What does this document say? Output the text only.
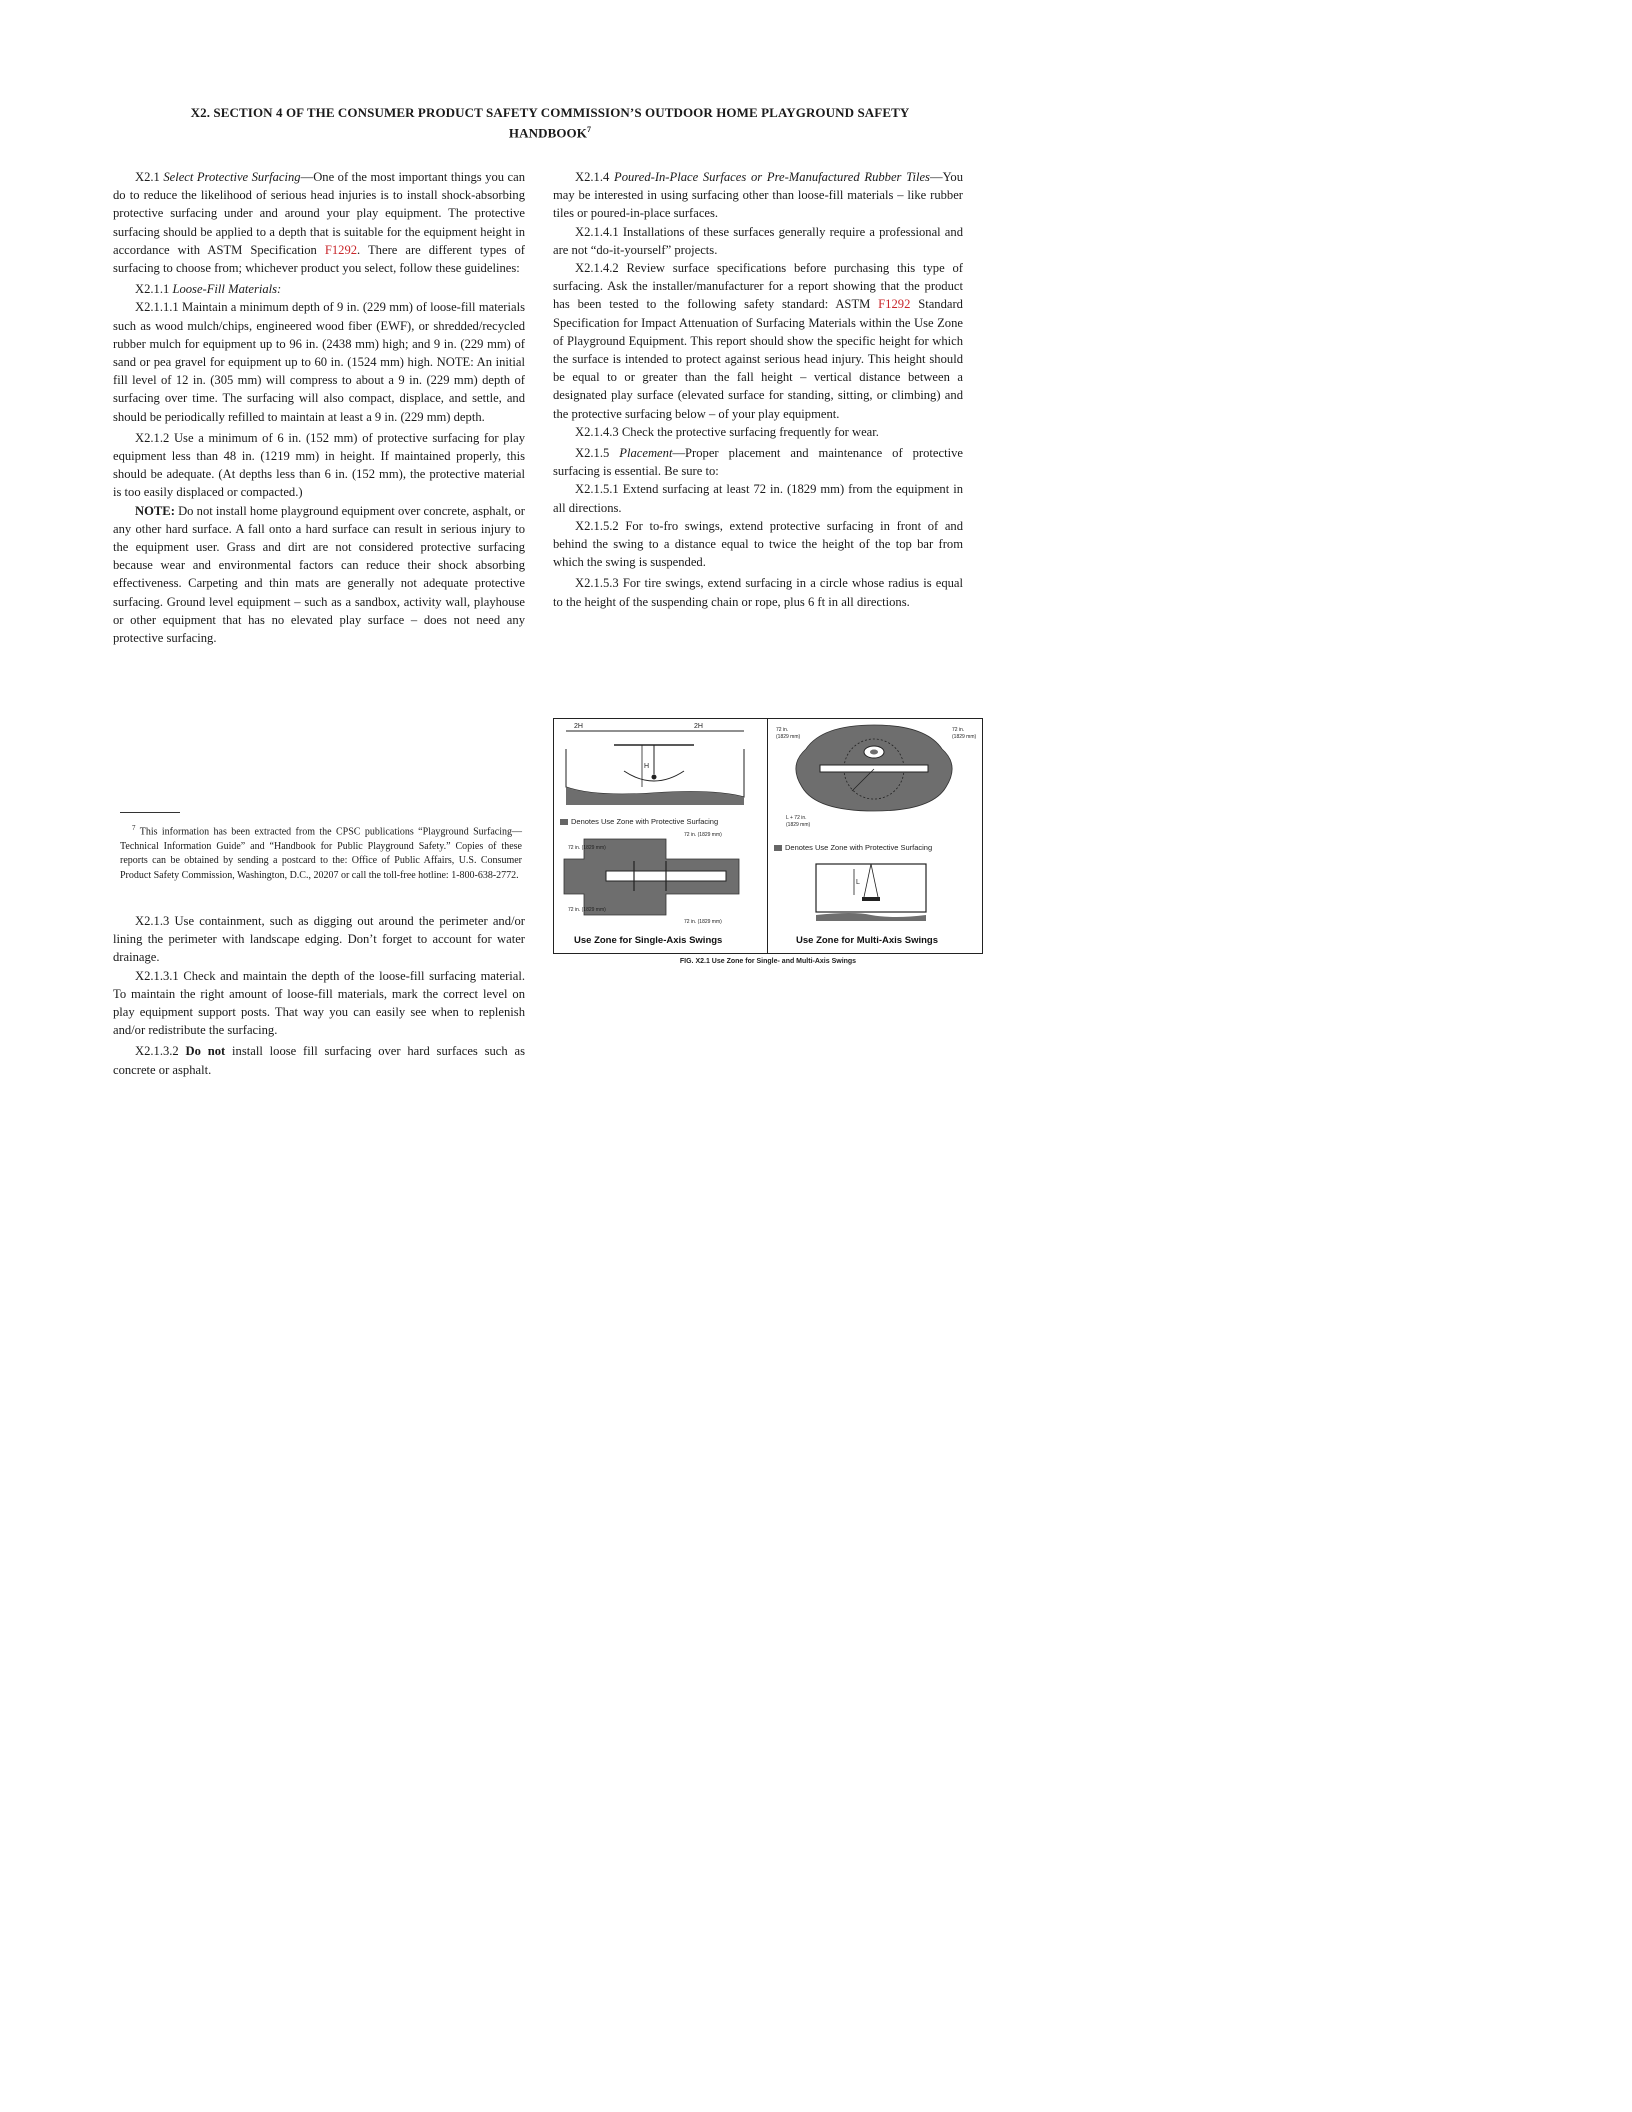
X2. SECTION 4 OF THE CONSUMER PRODUCT SAFETY COMMISSION’S OUTDOOR HOME PLAYGROUND SAFETY
HANDBOOK$^7$

X2.1 Select Protective Surfacing—One of the most important things you can do to reduce the likelihood of serious head injuries is to install shock-absorbing protective surfacing under and around your play equipment. The protective surfacing should be applied to a depth that is suitable for the equipment height in accordance with ASTM Specification F1292. There are different types of surfacing to choose from; whichever product you select, follow these guidelines:

X2.1.1 Loose-Fill Materials:

X2.1.1.1 Maintain a minimum depth of 9 in. (229 mm) of loose-fill materials such as wood mulch/chips, engineered wood fiber (EWF), or shredded/recycled rubber mulch for equipment up to 96 in. (2438 mm) high; and 9 in. (229 mm) of sand or pea gravel for equipment up to 60 in. (1524 mm) high. NOTE: An initial fill level of 12 in. (305 mm) will compress to about a 9 in. (229 mm) depth of surfacing over time. The surfacing will also compact, displace, and settle, and should be periodically refilled to maintain at least a 9 in. (229 mm) depth.

X2.1.2 Use a minimum of 6 in. (152 mm) of protective surfacing for play equipment less than 48 in. (1219 mm) in height. If maintained properly, this should be adequate. (At depths less than 6 in. (152 mm), the protective material is too easily displaced or compacted.)

NOTE: Do not install home playground equipment over concrete, asphalt, or any other hard surface. A fall onto a hard surface can result in serious injury to the equipment user. Grass and dirt are not considered protective surfacing because wear and environmental factors can reduce their shock absorbing effectiveness. Carpeting and thin mats are generally not adequate protective surfacing. Ground level equipment – such as a sandbox, activity wall, playhouse or other equipment that has no elevated play surface – does not need any protective surfacing.

$^7$ This information has been extracted from the CPSC publications “Playground Surfacing—Technical Information Guide” and “Handbook for Public Playground Safety.” Copies of these reports can be obtained by sending a postcard to the: Office of Public Affairs, U.S. Consumer Product Safety Commission, Washington, D.C., 20207 or call the toll-free hotline: 1-800-638-2772.

X2.1.3 Use containment, such as digging out around the perimeter and/or lining the perimeter with landscape edging. Don’t forget to account for water drainage.

X2.1.3.1 Check and maintain the depth of the loose-fill surfacing material. To maintain the right amount of loose-fill materials, mark the correct level on play equipment support posts. That way you can easily see when to replenish and/or redistribute the surfacing.

X2.1.3.2 Do not install loose fill surfacing over hard surfaces such as concrete or asphalt.

X2.1.4 Poured-In-Place Surfaces or Pre-Manufactured Rubber Tiles—You may be interested in using surfacing other than loose-fill materials – like rubber tiles or poured-in-place surfaces.

X2.1.4.1 Installations of these surfaces generally require a professional and are not “do-it-yourself” projects.

X2.1.4.2 Review surface specifications before purchasing this type of surfacing. Ask the installer/manufacturer for a report showing that the product has been tested to the following safety standard: ASTM F1292 Standard Specification for Impact Attenuation of Surfacing Materials within the Use Zone of Playground Equipment. This report should show the specific height for which the surface is intended to protect against serious head injury. This height should be equal to or greater than the fall height – vertical distance between a designated play surface (elevated surface for standing, sitting, or climbing) and the protective surfacing below – of your play equipment.

X2.1.4.3 Check the protective surfacing frequently for wear.

X2.1.5 Placement—Proper placement and maintenance of protective surfacing is essential. Be sure to:

X2.1.5.1 Extend surfacing at least 72 in. (1829 mm) from the equipment in all directions.

X2.1.5.2 For to-fro swings, extend protective surfacing in front of and behind the swing to a distance equal to twice the height of the top bar from which the swing is suspended.

X2.1.5.3 For tire swings, extend surfacing in a circle whose radius is equal to the height of the suspending chain or rope, plus 6 ft in all directions.

2H	2H
H
Denotes Use Zone with Protective Surfacing
72 in. (1829 mm)
72 in. (1829 mm)
72 in. (1829 mm)
72 in. (1829 mm)
Use Zone for Single-Axis Swings
72 in.
(1829 mm)
72 in.
(1829 mm)
L + 72 in.
(1829 mm)
Denotes Use Zone with Protective Surfacing
L
Use Zone for Multi-Axis Swings
FIG. X2.1 Use Zone for Single- and Multi-Axis Swings
